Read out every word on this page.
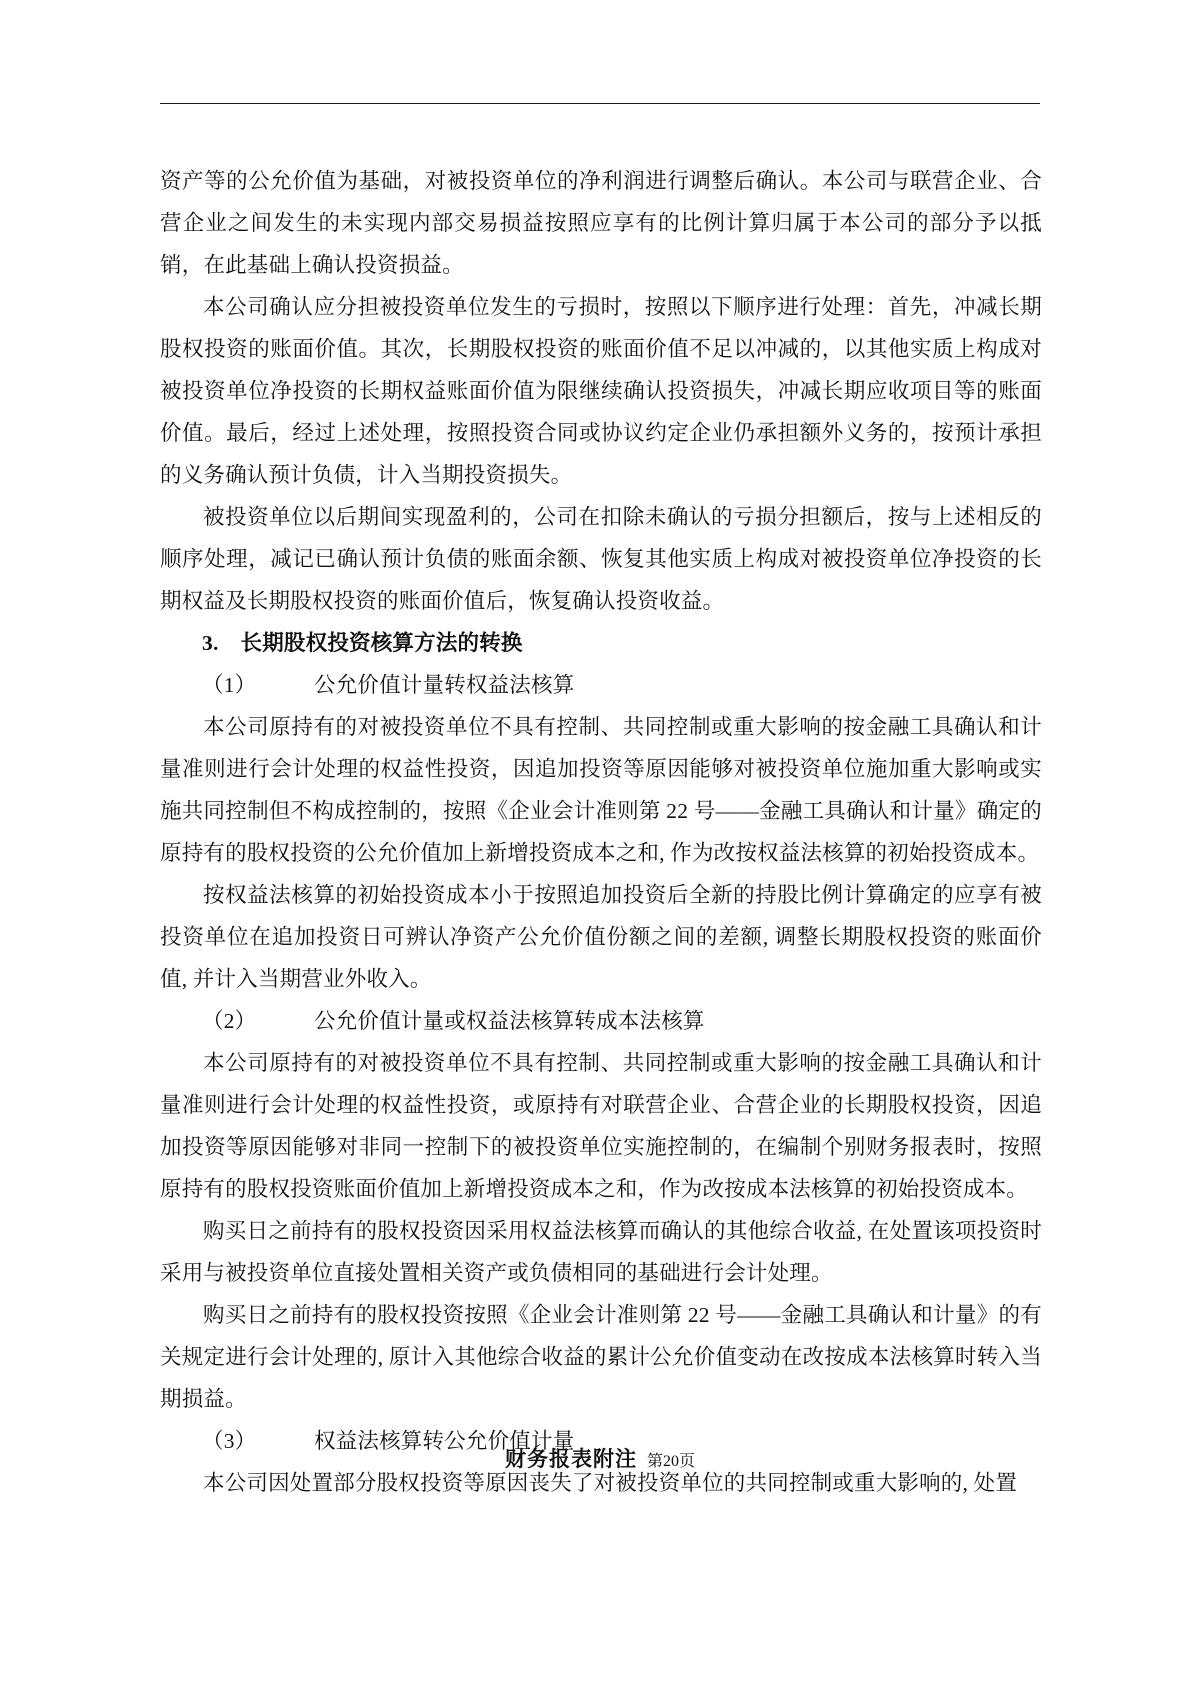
资产等的公允价值为基础，对被投资单位的净利润进行调整后确认。本公司与联营企业、合营企业之间发生的未实现内部交易损益按照应享有的比例计算归属于本公司的部分予以抵销，在此基础上确认投资损益。

本公司确认应分担被投资单位发生的亏损时，按照以下顺序进行处理：首先，冲减长期股权投资的账面价值。其次，长期股权投资的账面价值不足以冲减的，以其他实质上构成对被投资单位净投资的长期权益账面价值为限继续确认投资损失，冲减长期应收项目等的账面价值。最后，经过上述处理，按照投资合同或协议约定企业仍承担额外义务的，按预计承担的义务确认预计负债，计入当期投资损失。

被投资单位以后期间实现盈利的，公司在扣除未确认的亏损分担额后，按与上述相反的顺序处理，减记已确认预计负债的账面余额、恢复其他实质上构成对被投资单位净投资的长期权益及长期股权投资的账面价值后，恢复确认投资收益。

3. 长期股权投资核算方法的转换

（1）	公允价值计量转权益法核算

本公司原持有的对被投资单位不具有控制、共同控制或重大影响的按金融工具确认和计量准则进行会计处理的权益性投资，因追加投资等原因能够对被投资单位施加重大影响或实施共同控制但不构成控制的，按照《企业会计准则第 22 号——金融工具确认和计量》确定的原持有的股权投资的公允价值加上新增投资成本之和, 作为改按权益法核算的初始投资成本。

按权益法核算的初始投资成本小于按照追加投资后全新的持股比例计算确定的应享有被投资单位在追加投资日可辨认净资产公允价值份额之间的差额, 调整长期股权投资的账面价值, 并计入当期营业外收入。

（2）	公允价值计量或权益法核算转成本法核算

本公司原持有的对被投资单位不具有控制、共同控制或重大影响的按金融工具确认和计量准则进行会计处理的权益性投资，或原持有对联营企业、合营企业的长期股权投资，因追加投资等原因能够对非同一控制下的被投资单位实施控制的，在编制个别财务报表时，按照原持有的股权投资账面价值加上新增投资成本之和，作为改按成本法核算的初始投资成本。

购买日之前持有的股权投资因采用权益法核算而确认的其他综合收益, 在处置该项投资时采用与被投资单位直接处置相关资产或负债相同的基础进行会计处理。

购买日之前持有的股权投资按照《企业会计准则第 22 号——金融工具确认和计量》的有关规定进行会计处理的, 原计入其他综合收益的累计公允价值变动在改按成本法核算时转入当期损益。

（3）	权益法核算转公允价值计量

本公司因处置部分股权投资等原因丧失了对被投资单位的共同控制或重大影响的, 处置

财务报表附注 第20页
